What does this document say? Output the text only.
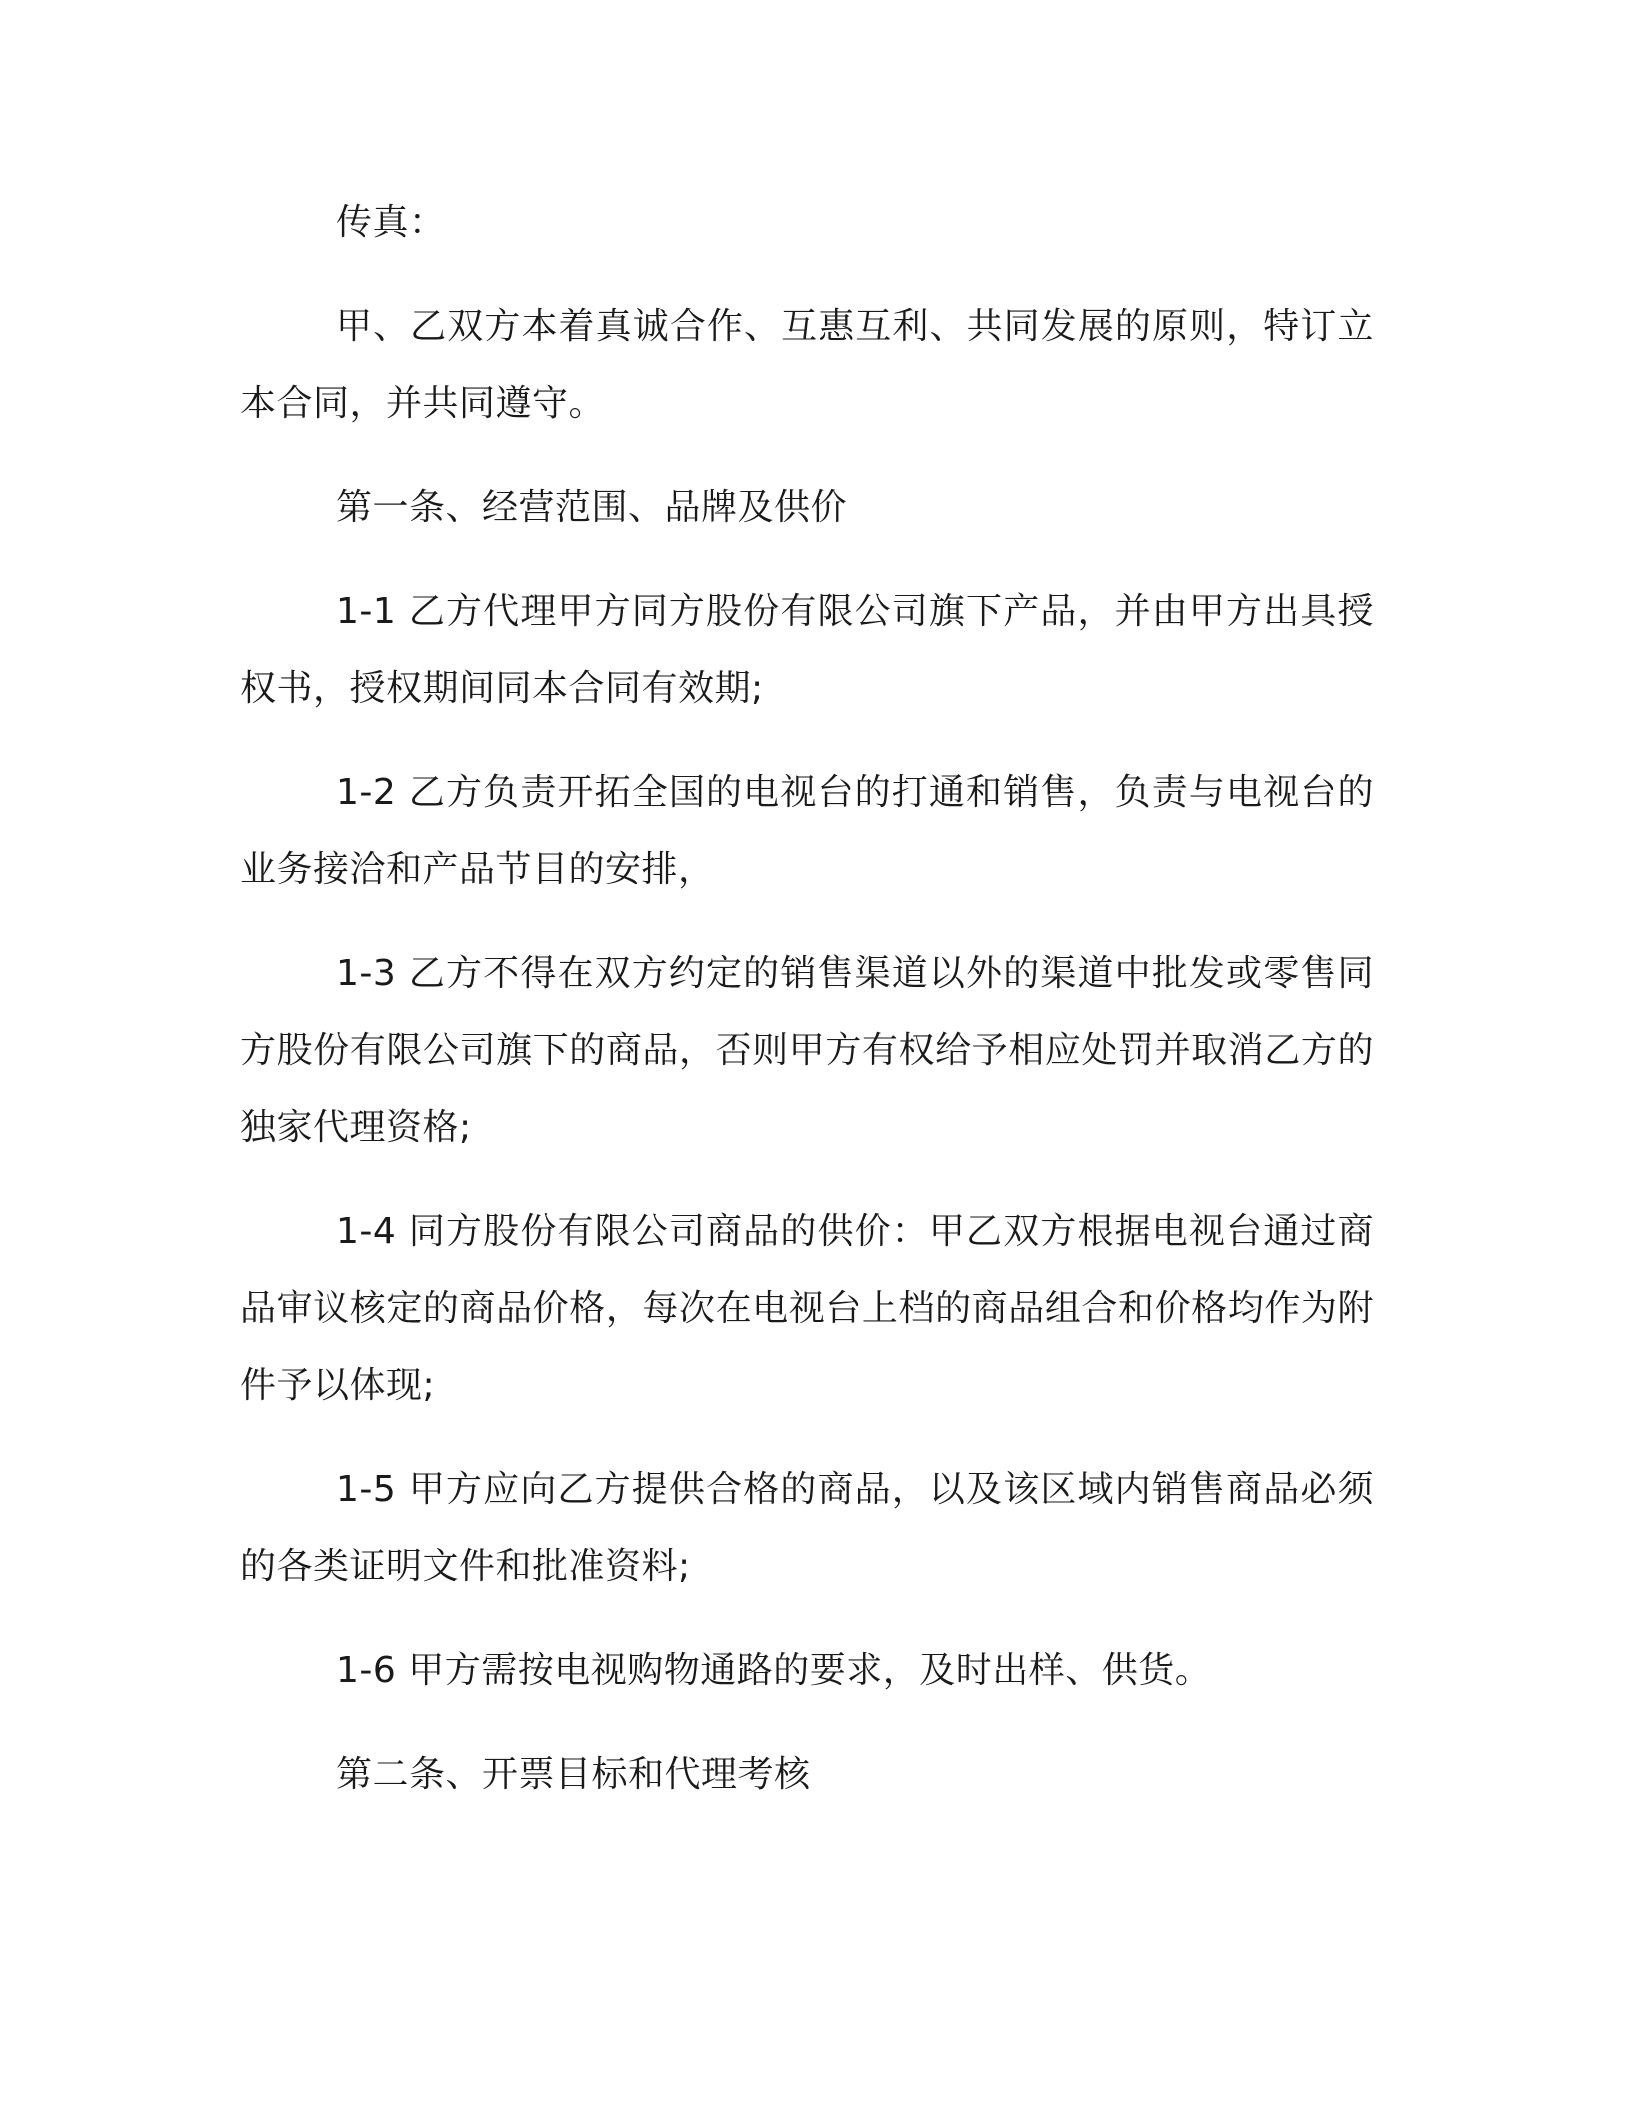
传真：

甲、乙双方本着真诚合作、互惠互利、共同发展的原则，特订立本合同，并共同遵守。

第一条、经营范围、品牌及供价

1-1 乙方代理甲方同方股份有限公司旗下产品，并由甲方出具授权书，授权期间同本合同有效期;

1-2 乙方负责开拓全国的电视台的打通和销售，负责与电视台的业务接洽和产品节目的安排，

1-3 乙方不得在双方约定的销售渠道以外的渠道中批发或零售同方股份有限公司旗下的商品，否则甲方有权给予相应处罚并取消乙方的独家代理资格;

1-4 同方股份有限公司商品的供价：甲乙双方根据电视台通过商品审议核定的商品价格，每次在电视台上档的商品组合和价格均作为附件予以体现;

1-5 甲方应向乙方提供合格的商品，以及该区域内销售商品必须的各类证明文件和批准资料;

1-6 甲方需按电视购物通路的要求，及时出样、供货。

第二条、开票目标和代理考核
